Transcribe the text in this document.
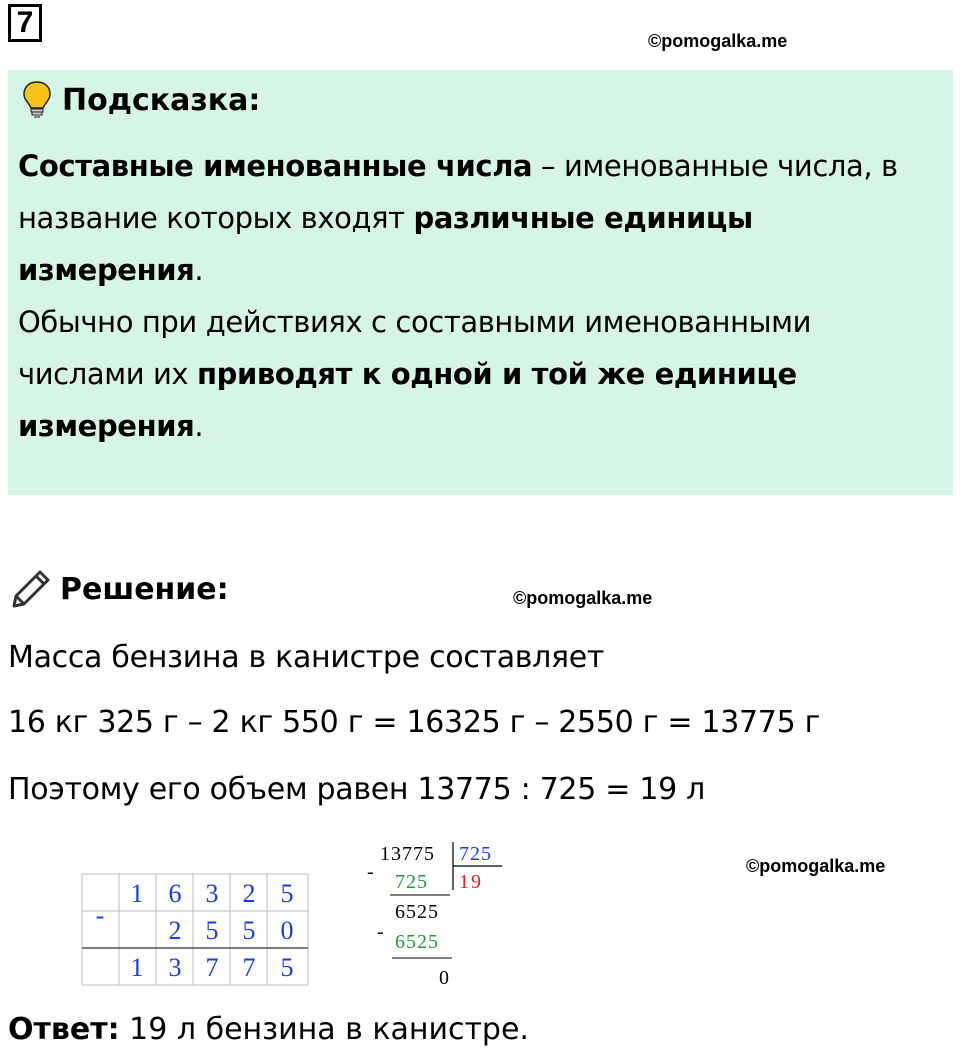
7
©pomogalka.me
Подсказка:
Составные именованные числа – именованные числа, в название которых входят различные единицы измерения.
Обычно при действиях с составными именованными числами их приводят к одной и той же единице измерения.
Решение:	©pomogalka.me
Масса бензина в канистре составляет
16 кг 325 г – 2 кг 550 г = 16325 г – 2550 г = 13775 г
Поэтому его объем равен 13775 : 725 = 19 л
-
1 6 3 2 5
2 5 5 0
1 3 7 7 5
13775 725
19
- 725
6525
- 6525
0
©pomogalka.me
Ответ: 19 л бензина в канистре.
